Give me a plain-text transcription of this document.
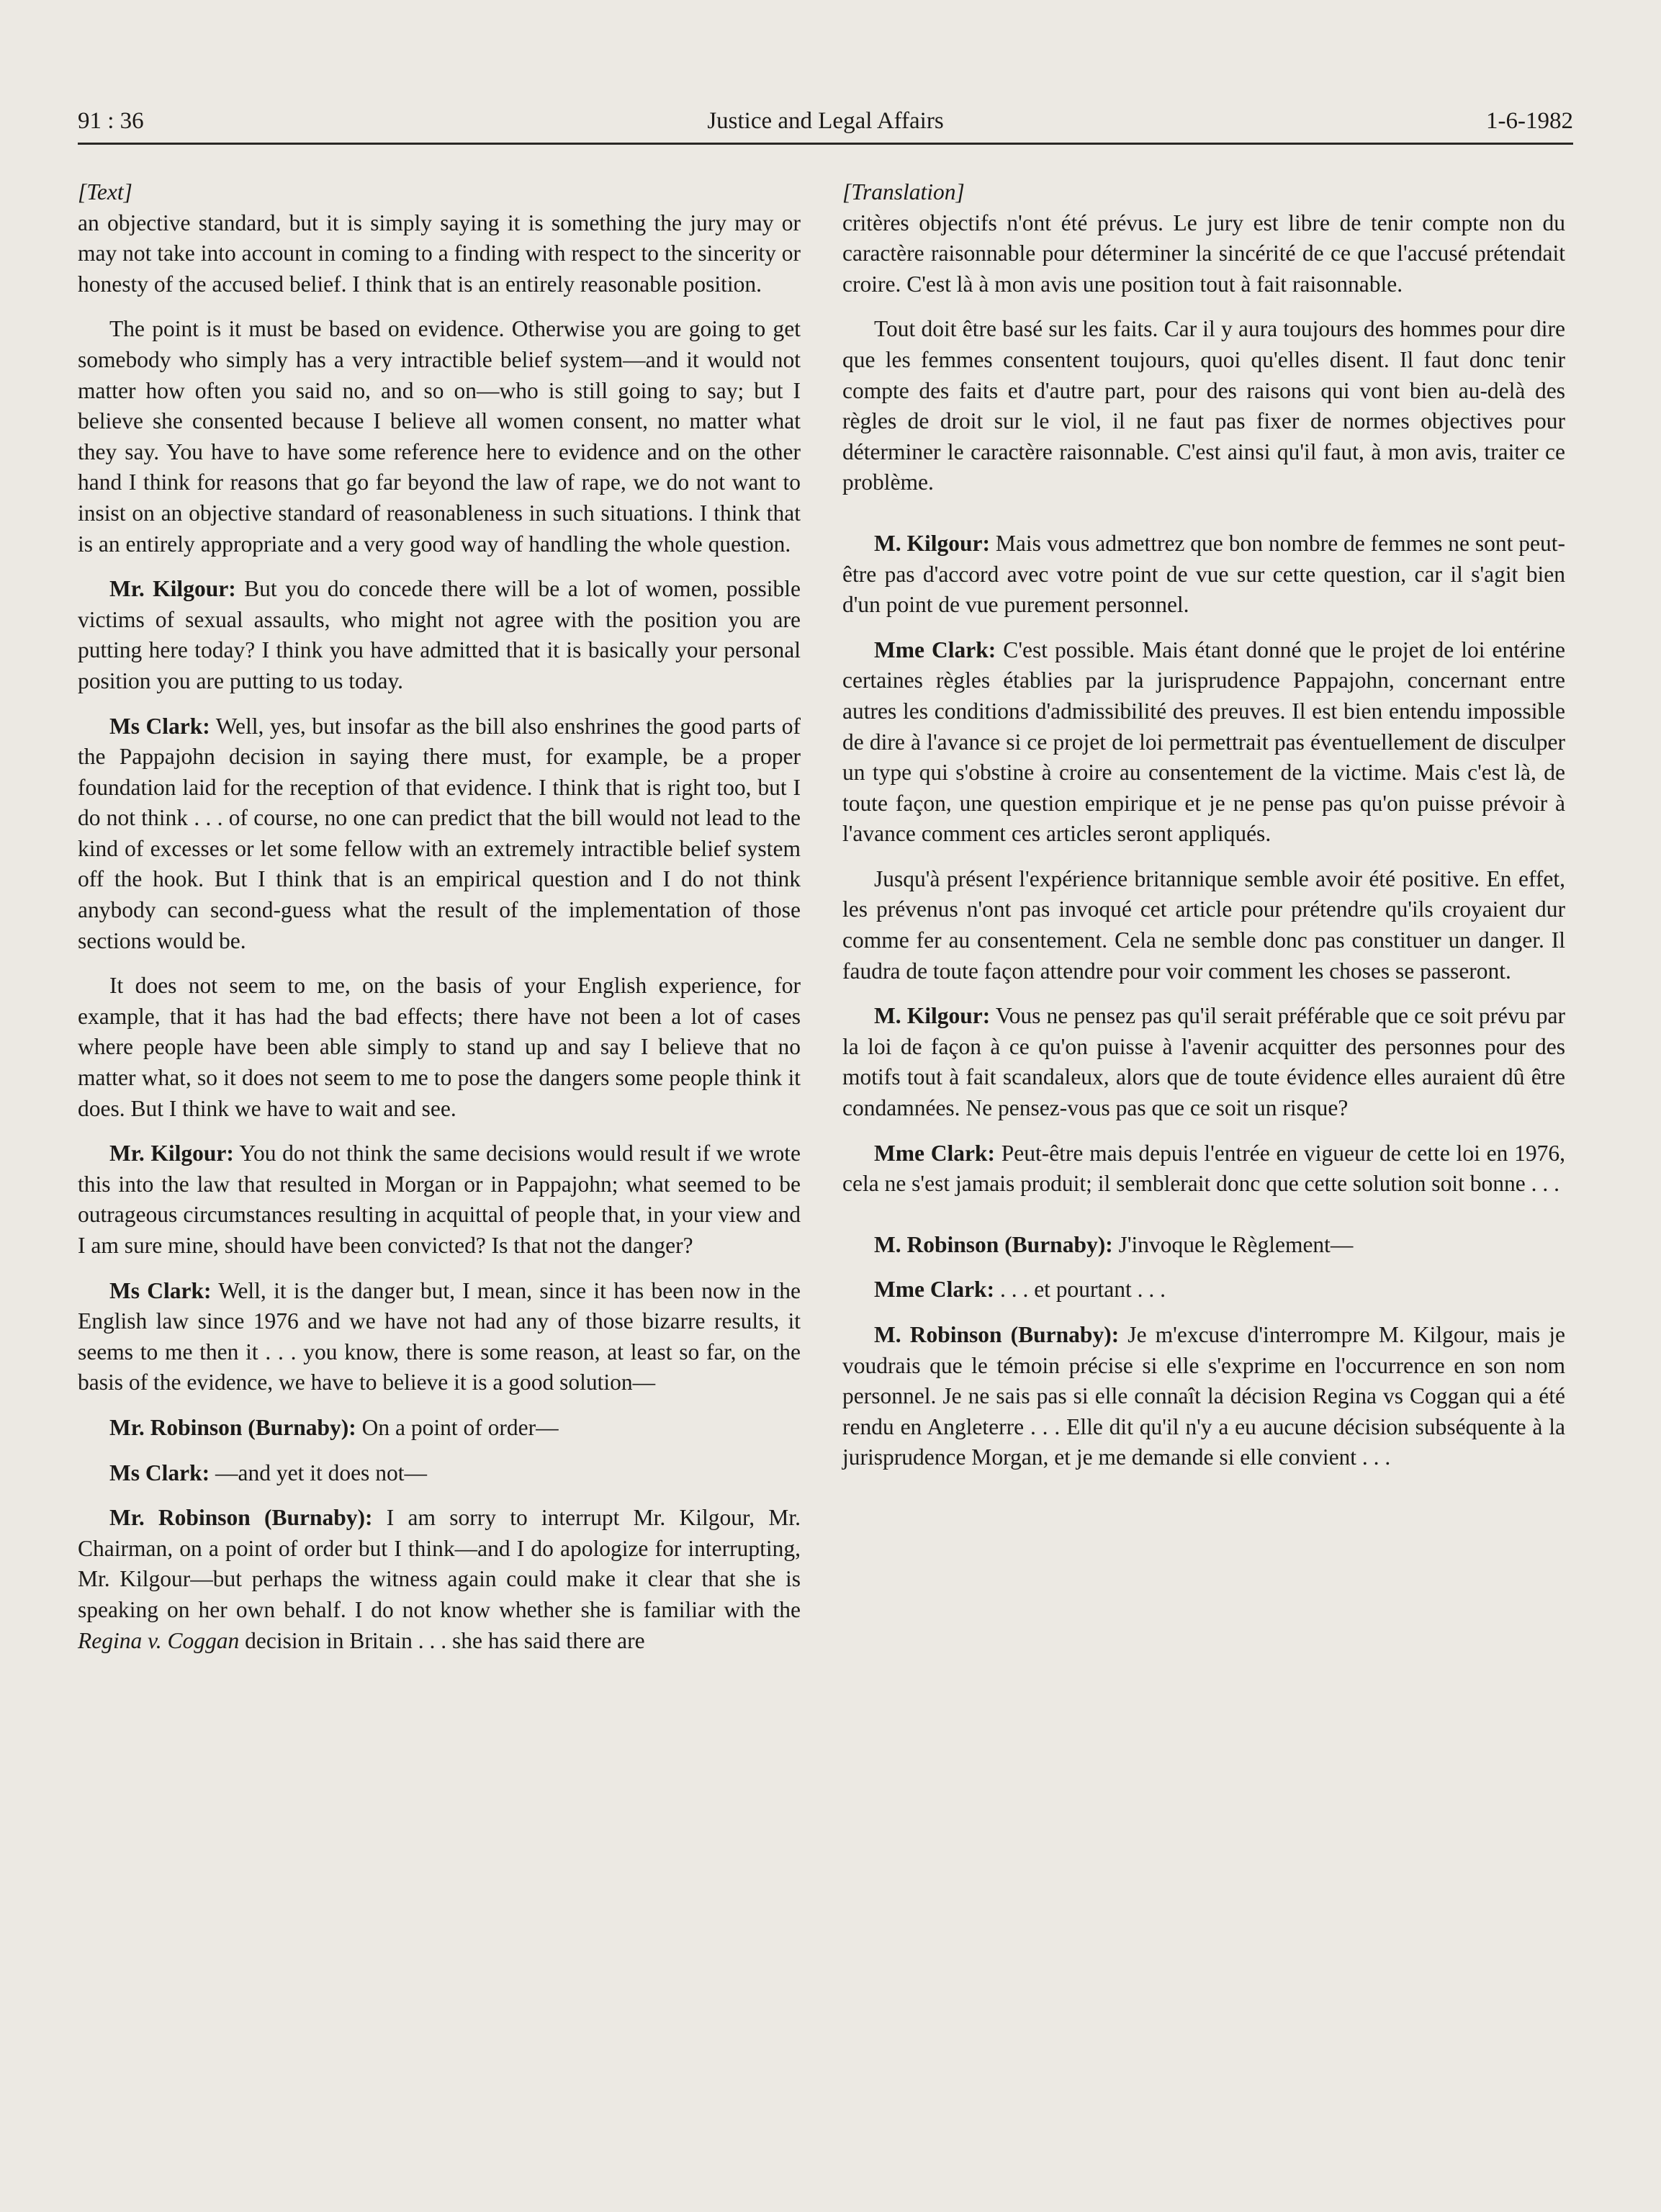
91 : 36	Justice and Legal Affairs	1-6-1982

[Text]

an objective standard, but it is simply saying it is something the jury may or may not take into account in coming to a finding with respect to the sincerity or honesty of the accused belief. I think that is an entirely reasonable position.

The point is it must be based on evidence. Otherwise you are going to get somebody who simply has a very intractible belief system—and it would not matter how often you said no, and so on—who is still going to say; but I believe she consented because I believe all women consent, no matter what they say. You have to have some reference here to evidence and on the other hand I think for reasons that go far beyond the law of rape, we do not want to insist on an objective standard of reasonableness in such situations. I think that is an entirely appropriate and a very good way of handling the whole question.

Mr. Kilgour: But you do concede there will be a lot of women, possible victims of sexual assaults, who might not agree with the position you are putting here today? I think you have admitted that it is basically your personal position you are putting to us today.

Ms Clark: Well, yes, but insofar as the bill also enshrines the good parts of the Pappajohn decision in saying there must, for example, be a proper foundation laid for the reception of that evidence. I think that is right too, but I do not think . . . of course, no one can predict that the bill would not lead to the kind of excesses or let some fellow with an extremely intractible belief system off the hook. But I think that is an empirical question and I do not think anybody can second-guess what the result of the implementation of those sections would be.

It does not seem to me, on the basis of your English experience, for example, that it has had the bad effects; there have not been a lot of cases where people have been able simply to stand up and say I believe that no matter what, so it does not seem to me to pose the dangers some people think it does. But I think we have to wait and see.

Mr. Kilgour: You do not think the same decisions would result if we wrote this into the law that resulted in Morgan or in Pappajohn; what seemed to be outrageous circumstances resulting in acquittal of people that, in your view and I am sure mine, should have been convicted? Is that not the danger?

Ms Clark: Well, it is the danger but, I mean, since it has been now in the English law since 1976 and we have not had any of those bizarre results, it seems to me then it . . . you know, there is some reason, at least so far, on the basis of the evidence, we have to believe it is a good solution—

Mr. Robinson (Burnaby): On a point of order—

Ms Clark: —and yet it does not—

Mr. Robinson (Burnaby): I am sorry to interrupt Mr. Kilgour, Mr. Chairman, on a point of order but I think—and I do apologize for interrupting, Mr. Kilgour—but perhaps the witness again could make it clear that she is speaking on her own behalf. I do not know whether she is familiar with the Regina v. Coggan decision in Britain . . . she has said there are

[Translation]

critères objectifs n'ont été prévus. Le jury est libre de tenir compte non du caractère raisonnable pour déterminer la sincérité de ce que l'accusé prétendait croire. C'est là à mon avis une position tout à fait raisonnable.

Tout doit être basé sur les faits. Car il y aura toujours des hommes pour dire que les femmes consentent toujours, quoi qu'elles disent. Il faut donc tenir compte des faits et d'autre part, pour des raisons qui vont bien au-delà des règles de droit sur le viol, il ne faut pas fixer de normes objectives pour déterminer le caractère raisonnable. C'est ainsi qu'il faut, à mon avis, traiter ce problème.

M. Kilgour: Mais vous admettrez que bon nombre de femmes ne sont peut-être pas d'accord avec votre point de vue sur cette question, car il s'agit bien d'un point de vue purement personnel.

Mme Clark: C'est possible. Mais étant donné que le projet de loi entérine certaines règles établies par la jurisprudence Pappajohn, concernant entre autres les conditions d'admissibilité des preuves. Il est bien entendu impossible de dire à l'avance si ce projet de loi permettrait pas éventuellement de disculper un type qui s'obstine à croire au consentement de la victime. Mais c'est là, de toute façon, une question empirique et je ne pense pas qu'on puisse prévoir à l'avance comment ces articles seront appliqués.

Jusqu'à présent l'expérience britannique semble avoir été positive. En effet, les prévenus n'ont pas invoqué cet article pour prétendre qu'ils croyaient dur comme fer au consentement. Cela ne semble donc pas constituer un danger. Il faudra de toute façon attendre pour voir comment les choses se passeront.

M. Kilgour: Vous ne pensez pas qu'il serait préférable que ce soit prévu par la loi de façon à ce qu'on puisse à l'avenir acquitter des personnes pour des motifs tout à fait scandaleux, alors que de toute évidence elles auraient dû être condamnées. Ne pensez-vous pas que ce soit un risque?

Mme Clark: Peut-être mais depuis l'entrée en vigueur de cette loi en 1976, cela ne s'est jamais produit; il semblerait donc que cette solution soit bonne . . .

M. Robinson (Burnaby): J'invoque le Règlement—

Mme Clark: . . . et pourtant . . .

M. Robinson (Burnaby): Je m'excuse d'interrompre M. Kilgour, mais je voudrais que le témoin précise si elle s'exprime en l'occurrence en son nom personnel. Je ne sais pas si elle connaît la décision Regina vs Coggan qui a été rendu en Angleterre . . . Elle dit qu'il n'y a eu aucune décision subséquente à la jurisprudence Morgan, et je me demande si elle convient . . .
